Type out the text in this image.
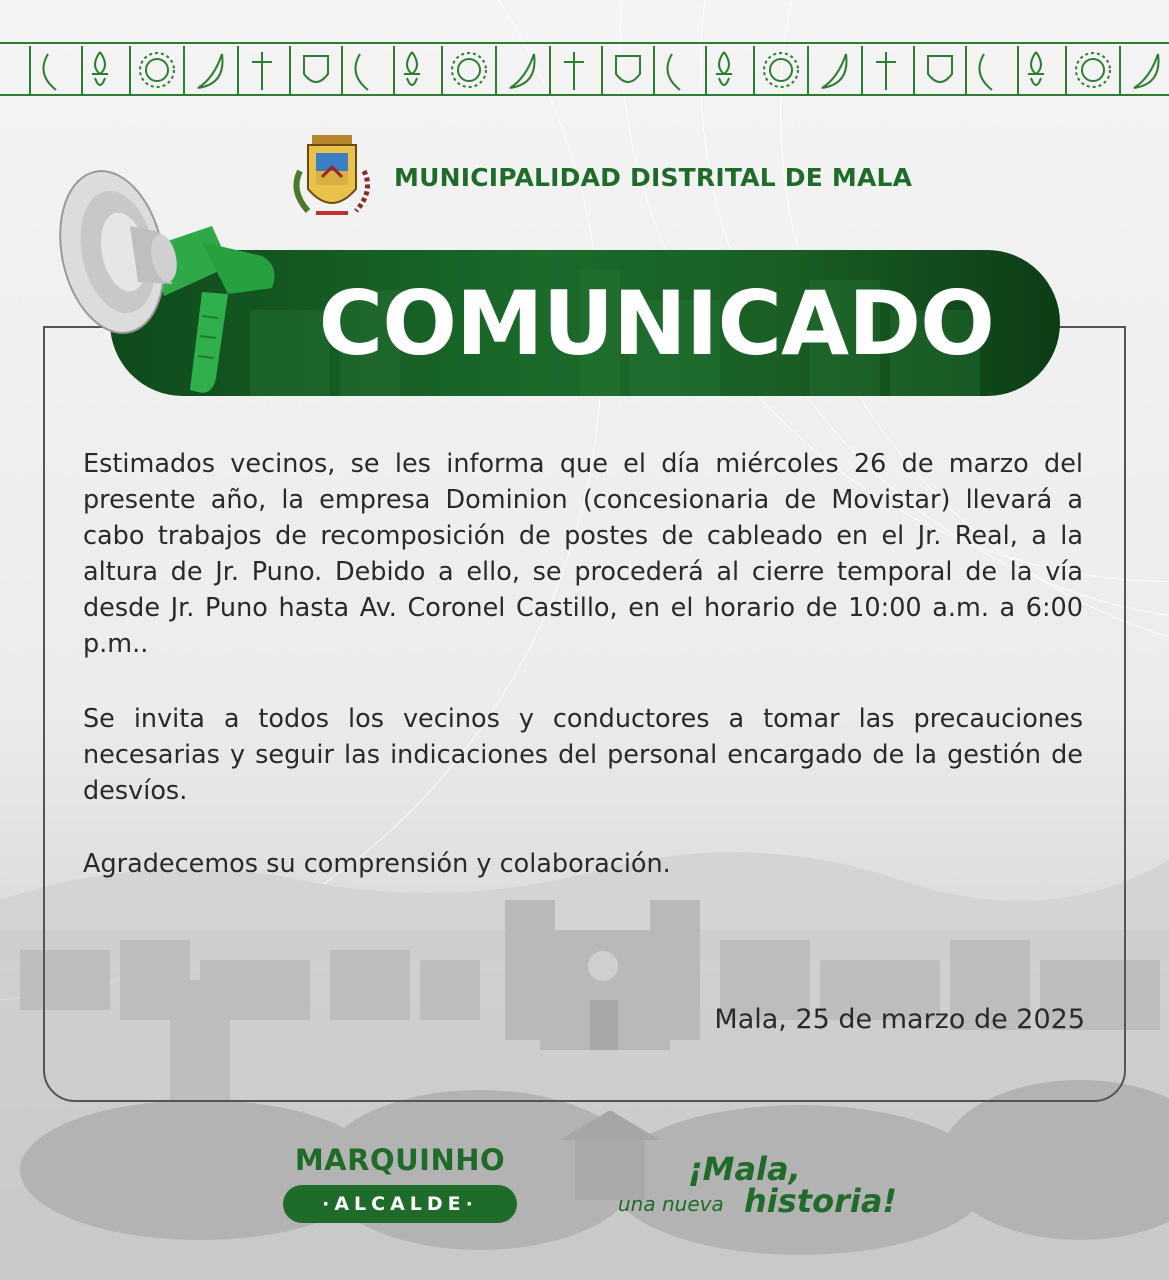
MUNICIPALIDAD DISTRITAL DE MALA
COMUNICADO
Estimados vecinos, se les informa que el día miércoles 26 de marzo del presente año, la empresa Dominion (concesionaria de Movistar) llevará a cabo trabajos de recomposición de postes de cableado en el Jr. Real, a la altura de Jr. Puno. Debido a ello, se procederá al cierre temporal de la vía desde Jr. Puno hasta Av. Coronel Castillo, en el horario de 10:00 a.m. a 6:00 p.m..
Se invita a todos los vecinos y conductores a tomar las precauciones necesarias y seguir las indicaciones del personal encargado de la gestión de desvíos.
Agradecemos su comprensión y colaboración.
Mala, 25 de marzo de 2025
MARQUINHO
·ALCALDE·
¡Mala,
una nueva historia!
